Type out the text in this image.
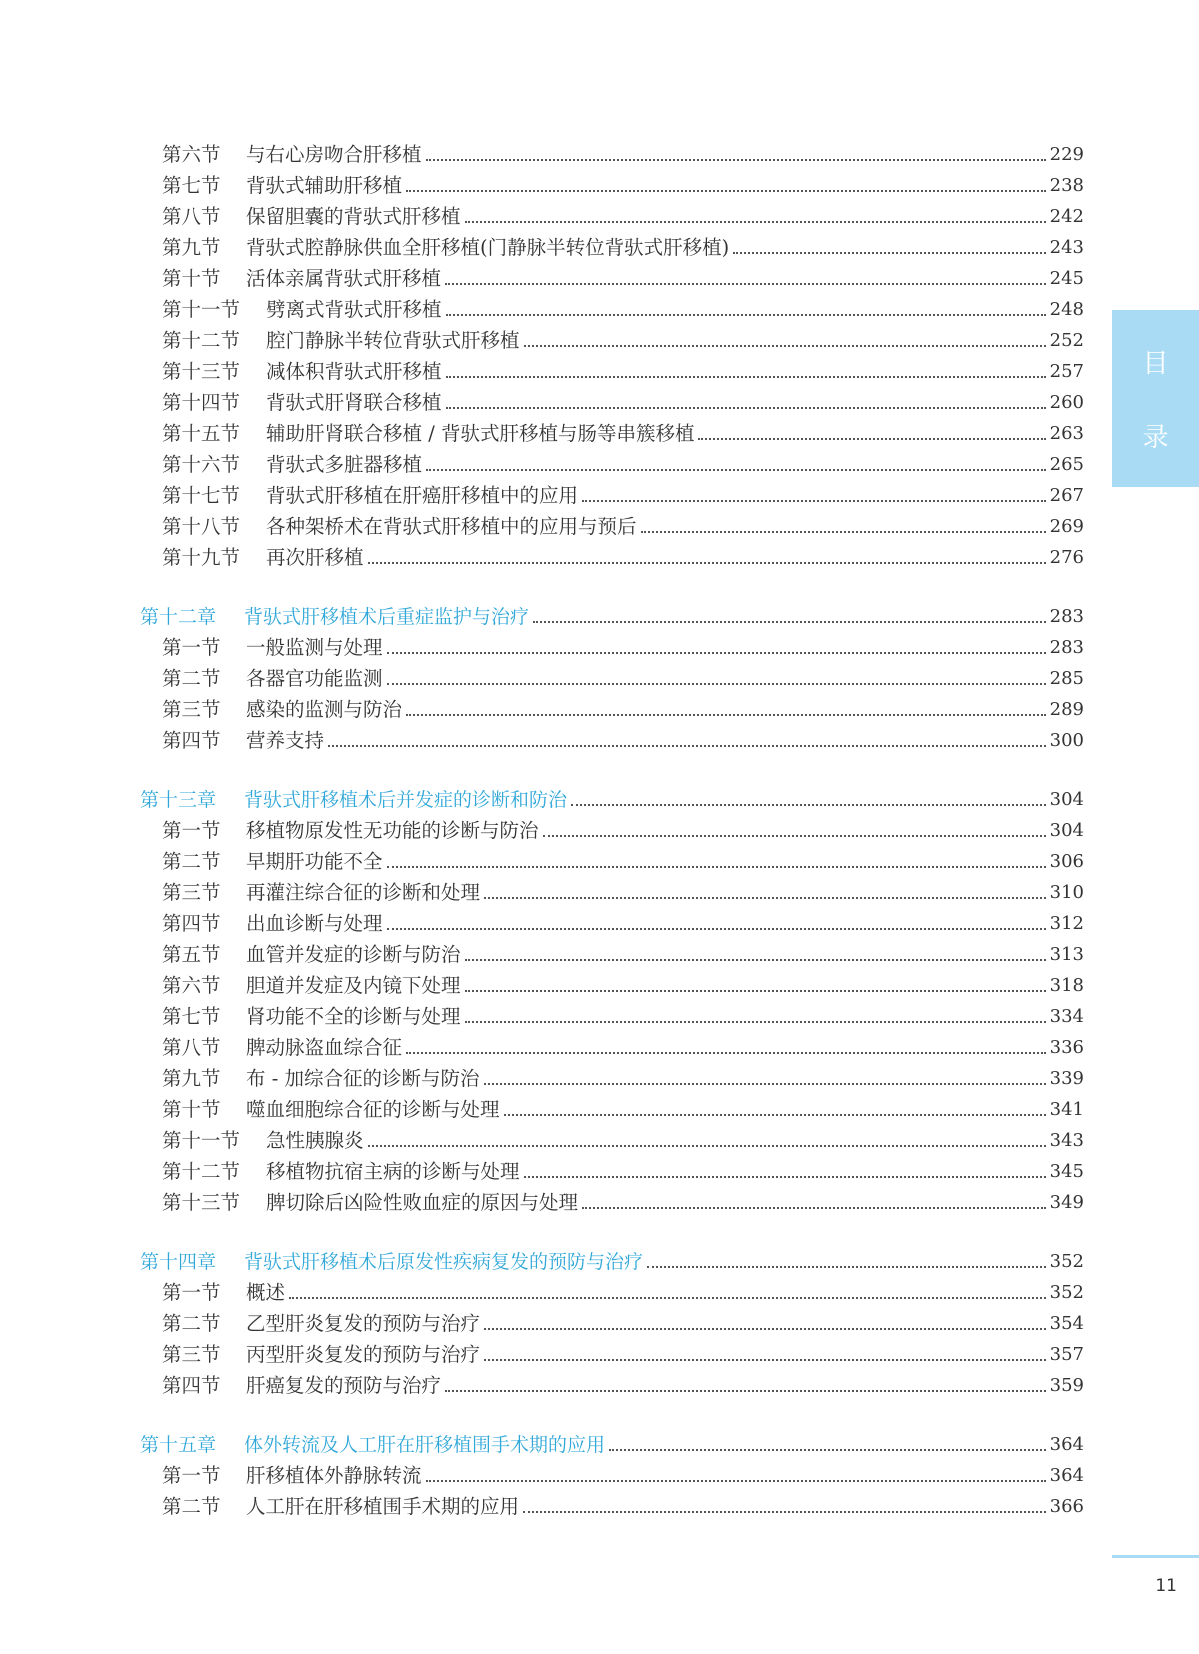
第六节	与右心房吻合肝移植	229
第七节	背驮式辅助肝移植	238
第八节	保留胆囊的背驮式肝移植	242
第九节	背驮式腔静脉供血全肝移植(门静脉半转位背驮式肝移植)	243
第十节	活体亲属背驮式肝移植	245
第十一节	劈离式背驮式肝移植	248
第十二节	腔门静脉半转位背驮式肝移植	252
第十三节	减体积背驮式肝移植	257
第十四节	背驮式肝肾联合移植	260
第十五节	辅助肝肾联合移植 / 背驮式肝移植与肠等串簇移植	263
第十六节	背驮式多脏器移植	265
第十七节	背驮式肝移植在肝癌肝移植中的应用	267
第十八节	各种架桥术在背驮式肝移植中的应用与预后	269
第十九节	再次肝移植	276
第十二章	背驮式肝移植术后重症监护与治疗	283
第一节	一般监测与处理	283
第二节	各器官功能监测	285
第三节	感染的监测与防治	289
第四节	营养支持	300
第十三章	背驮式肝移植术后并发症的诊断和防治	304
第一节	移植物原发性无功能的诊断与防治	304
第二节	早期肝功能不全	306
第三节	再灌注综合征的诊断和处理	310
第四节	出血诊断与处理	312
第五节	血管并发症的诊断与防治	313
第六节	胆道并发症及内镜下处理	318
第七节	肾功能不全的诊断与处理	334
第八节	脾动脉盗血综合征	336
第九节	布 - 加综合征的诊断与防治	339
第十节	噬血细胞综合征的诊断与处理	341
第十一节	急性胰腺炎	343
第十二节	移植物抗宿主病的诊断与处理	345
第十三节	脾切除后凶险性败血症的原因与处理	349
第十四章	背驮式肝移植术后原发性疾病复发的预防与治疗	352
第一节	概述	352
第二节	乙型肝炎复发的预防与治疗	354
第三节	丙型肝炎复发的预防与治疗	357
第四节	肝癌复发的预防与治疗	359
第十五章	体外转流及人工肝在肝移植围手术期的应用	364
第一节	肝移植体外静脉转流	364
第二节	人工肝在肝移植围手术期的应用	366
目
录
11
